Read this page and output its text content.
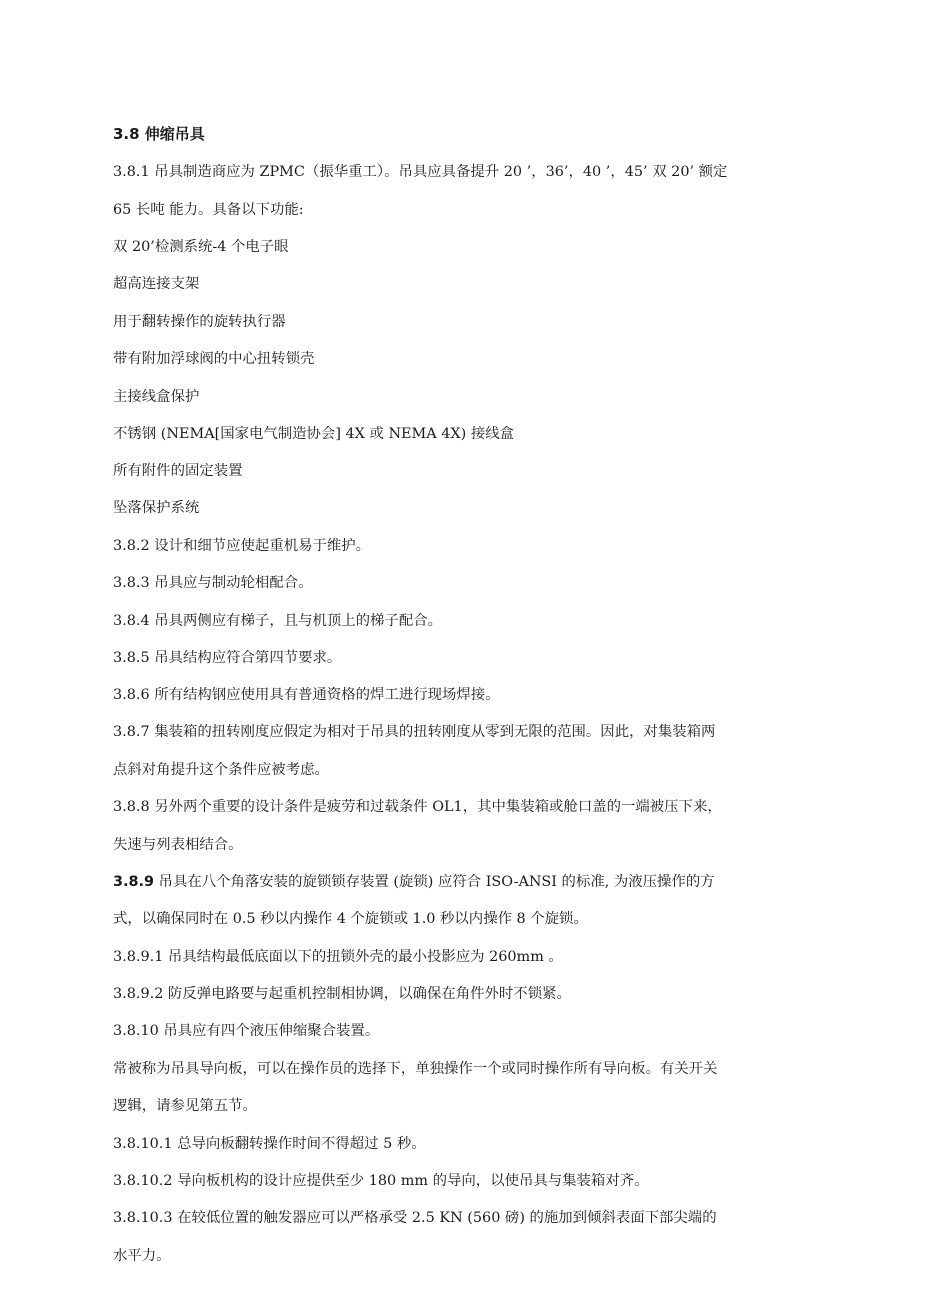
3.8 伸缩吊具
3.8.1 吊具制造商应为 ZPMC（振华重工）。吊具应具备提升 20 ’，36’，40 ’，45’ 双 20’ 额定
65 长吨 能力。具备以下功能:
双 20’检测系统-4 个电子眼
超高连接支架
用于翻转操作的旋转执行器
带有附加浮球阀的中心扭转锁壳
主接线盒保护
不锈钢 (NEMA[国家电气制造协会] 4X 或 NEMA 4X) 接线盒
所有附件的固定装置
坠落保护系统
3.8.2 设计和细节应使起重机易于维护。
3.8.3 吊具应与制动轮相配合。
3.8.4 吊具两侧应有梯子，且与机顶上的梯子配合。
3.8.5 吊具结构应符合第四节要求。
3.8.6 所有结构钢应使用具有普通资格的焊工进行现场焊接。
3.8.7 集装箱的扭转刚度应假定为相对于吊具的扭转刚度从零到无限的范围。因此，对集装箱两
点斜对角提升这个条件应被考虑。
3.8.8 另外两个重要的设计条件是疲劳和过载条件 OL1，其中集装箱或舱口盖的一端被压下来，
失速与列表相结合。
3.8.9 吊具在八个角落安装的旋锁锁存装置 (旋锁) 应符合 ISO-ANSI 的标准, 为液压操作的方
式，以确保同时在 0.5 秒以内操作 4 个旋锁或 1.0 秒以内操作 8 个旋锁。
3.8.9.1 吊具结构最低底面以下的扭锁外壳的最小投影应为 260mm 。
3.8.9.2 防反弹电路要与起重机控制相协调，以确保在角件外时不锁紧。
3.8.10 吊具应有四个液压伸缩聚合装置。
常被称为吊具导向板，可以在操作员的选择下，单独操作一个或同时操作所有导向板。有关开关
逻辑，请参见第五节。
3.8.10.1 总导向板翻转操作时间不得超过 5 秒。
3.8.10.2 导向板机构的设计应提供至少 180 mm 的导向，以使吊具与集装箱对齐。
3.8.10.3 在较低位置的触发器应可以严格承受 2.5 KN (560 磅) 的施加到倾斜表面下部尖端的
水平力。
